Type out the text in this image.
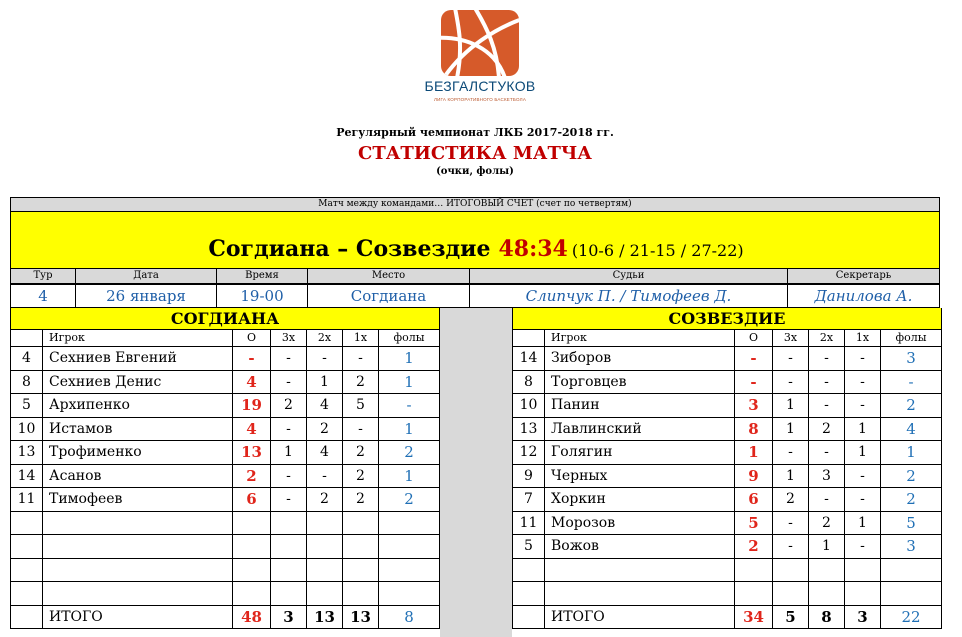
БЕЗГАЛСТУКОВ
ЛИГА КОРПОРАТИВНОГО БАСКЕТБОЛА
Регулярный чемпионат ЛКБ 2017-2018 гг.
СТАТИСТИКА МАТЧА
(очки, фолы)
Матч между командами… ИТОГОВЫЙ СЧЕТ (счет по четвертям)
Согдиана – Созвездие 48:34 (10-6 / 21-15 / 27-22)
Тур	Дата	Время	Место	Судьи	Секретарь
4	26 января	19-00	Согдиана	Слипчук П. / Тимофеев Д.	Данилова А.
СОГДИАНА
Игрок	О	3х	2х	1х	фолы
4	Сехниев Евгений	-	-	-	-	1
8	Сехниев Денис	4	-	1	2	1
5	Архипенко	19	2	4	5	-
10 Истамов	4	-	2	-	1
13 Трофименко	13	1	4	2	2
14 Асанов	2	-	-	2	1
11 Тимофеев	6	-	2	2	2
ИТОГО	48	3	13	13	8
СОЗВЕЗДИЕ
Игрок	О	3х	2х	1х	фолы
14 Зиборов	-	-	-	-	3
8	Торговцев	-	-	-	-	-
10 Панин	3	1	-	-	2
13 Лавлинский	8	1	2	1	4
12 Голягин	1	-	-	1	1
9	Черных	9	1	3	-	2
7	Хоркин	6	2	-	-	2
11 Морозов	5	-	2	1	5
5	Вожов	2	-	1	-	3
ИТОГО	34	5	8	3	22
